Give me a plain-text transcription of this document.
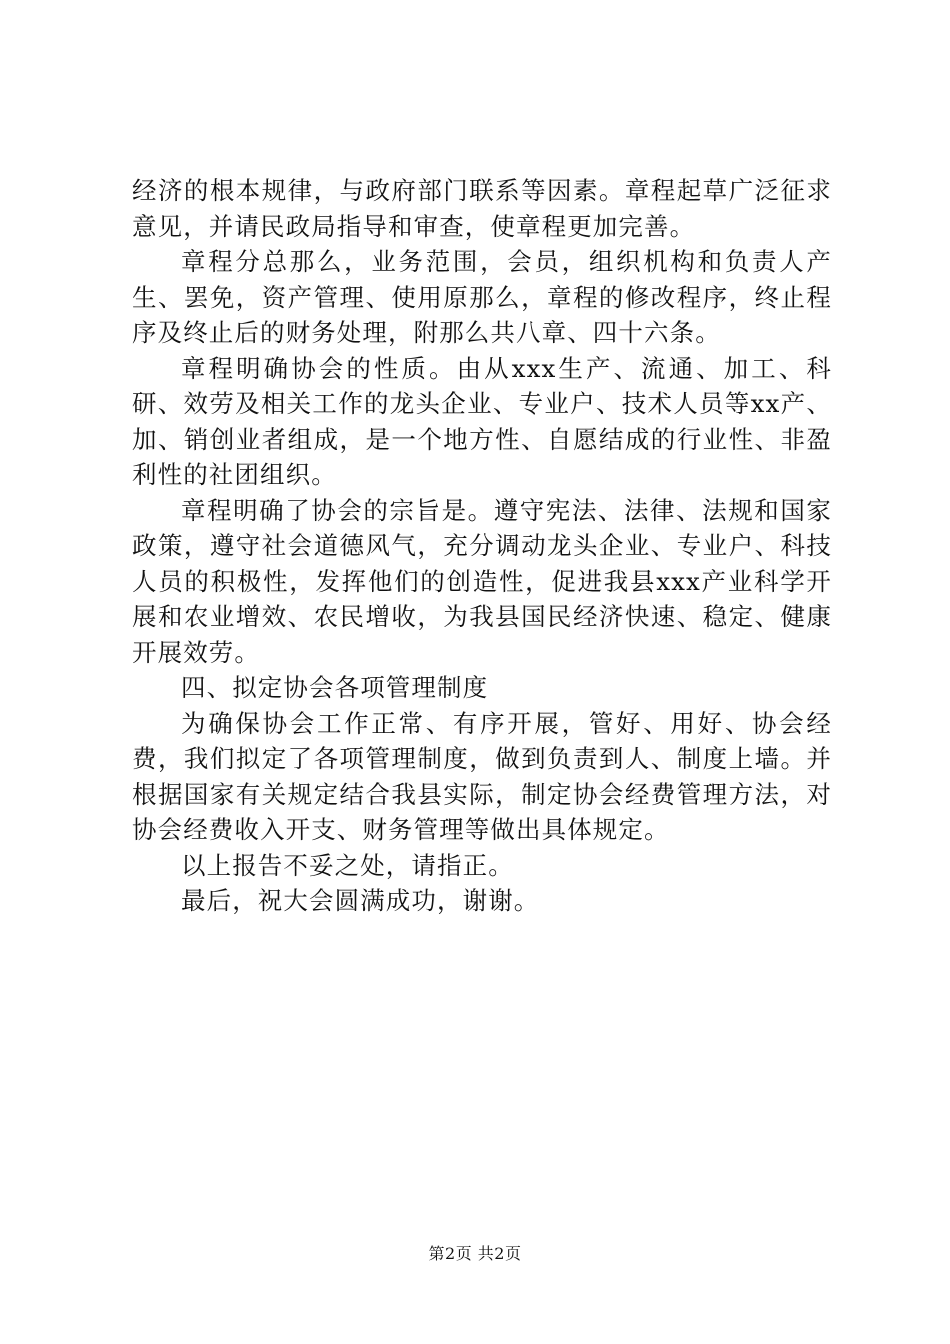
经济的根本规律，与政府部门联系等因素。章程起草广泛征求意见，并请民政局指导和审查，使章程更加完善。

章程分总那么，业务范围，会员，组织机构和负责人产生、罢免，资产管理、使用原那么，章程的修改程序，终止程序及终止后的财务处理，附那么共八章、四十六条。

章程明确协会的性质。由从xxx生产、流通、加工、科研、效劳及相关工作的龙头企业、专业户、技术人员等xx产、加、销创业者组成，是一个地方性、自愿结成的行业性、非盈利性的社团组织。

章程明确了协会的宗旨是。遵守宪法、法律、法规和国家政策，遵守社会道德风气，充分调动龙头企业、专业户、科技人员的积极性，发挥他们的创造性，促进我县xxx产业科学开展和农业增效、农民增收，为我县国民经济快速、稳定、健康开展效劳。

四、拟定协会各项管理制度

为确保协会工作正常、有序开展，管好、用好、协会经费，我们拟定了各项管理制度，做到负责到人、制度上墙。并根据国家有关规定结合我县实际，制定协会经费管理方法，对协会经费收入开支、财务管理等做出具体规定。

以上报告不妥之处，请指正。

最后，祝大会圆满成功，谢谢。

第2页 共2页
